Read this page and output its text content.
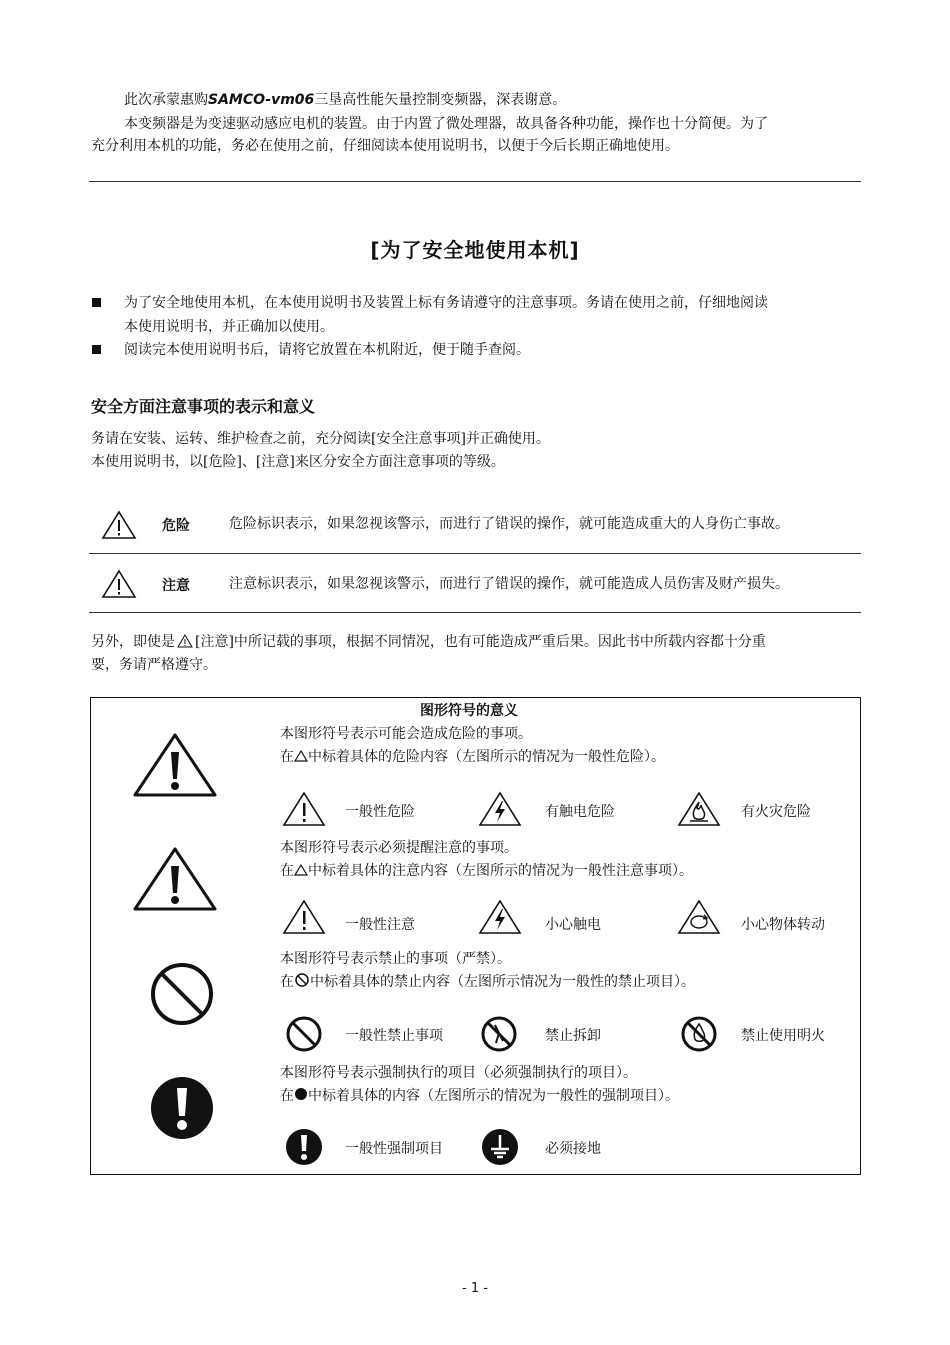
此次承蒙惠购SAMCO-vm06三垦高性能矢量控制变频器，深表谢意。
本变频器是为变速驱动感应电机的装置。由于内置了微处理器，故具备各种功能，操作也十分简便。为了
充分利用本机的功能，务必在使用之前，仔细阅读本使用说明书，以便于今后长期正确地使用。
[为了安全地使用本机]
为了安全地使用本机，在本使用说明书及装置上标有务请遵守的注意事项。务请在使用之前，仔细地阅读
本使用说明书，并正确加以使用。
阅读完本使用说明书后，请将它放置在本机附近，便于随手查阅。
安全方面注意事项的表示和意义
务请在安装、运转、维护检查之前，充分阅读[安全注意事项]并正确使用。
本使用说明书，以[危险]、[注意]来区分安全方面注意事项的等级。
危险	危险标识表示，如果忽视该警示，而进行了错误的操作，就可能造成重大的人身伤亡事故。
注意	注意标识表示，如果忽视该警示，而进行了错误的操作，就可能造成人员伤害及财产损失。
另外，即使是 [注意]中所记载的事项，根据不同情况，也有可能造成严重后果。因此书中所载内容都十分重
要，务请严格遵守。
图形符号的意义
本图形符号表示可能会造成危险的事项。
在 中标着具体的危险内容（左图所示的情况为一般性危险）。
一般性危险	有触电危险	有火灾危险
本图形符号表示必须提醒注意的事项。
在 中标着具体的注意内容（左图所示的情况为一般性注意事项）。
一般性注意	小心触电	小心物体转动
本图形符号表示禁止的事项（严禁）。
在 中标着具体的禁止内容（左图所示情况为一般性的禁止项目）。
一般性禁止事项	禁止拆卸	禁止使用明火
本图形符号表示强制执行的项目（必须强制执行的项目）。
在 中标着具体的内容（左图所示的情况为一般性的强制项目）。
一般性强制项目	必须接地
- 1 -
